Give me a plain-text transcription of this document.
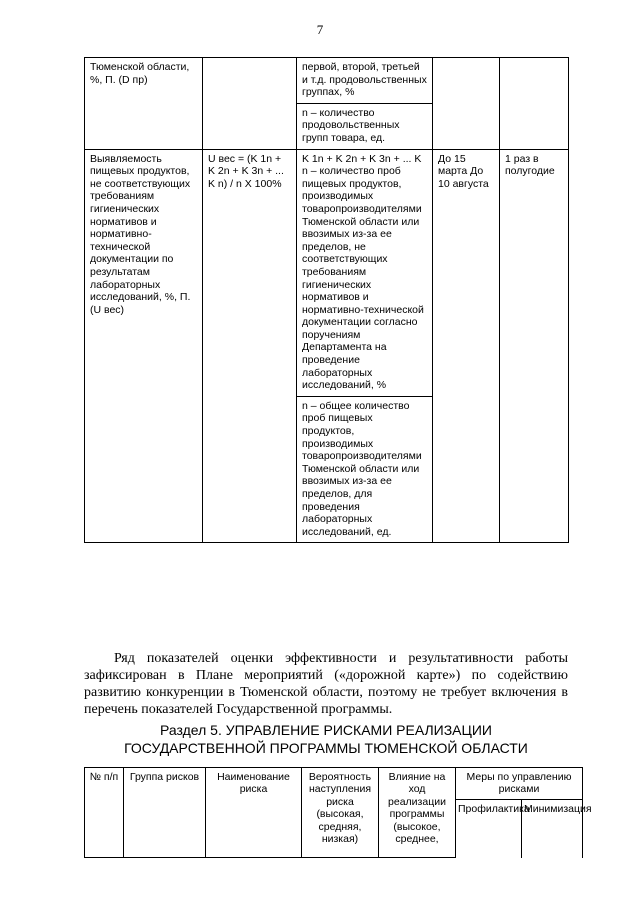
7
Тюменской области, %, П. (D пр)		первой, второй, третьей и т.д. продовольственных группах, %		
		n – количество продовольственных групп товара, ед.		
Выявляемость пищевых продуктов, не соответствующих требованиям гигиенических нормативов и нормативно-технической документации по результатам лабораторных исследований, %, П. (U вес)	U вес = (K 1n + K 2n + K 3n + ... K n) / n X 100%	K 1n + K 2n + K 3n + ... K n – количество проб пищевых продуктов, производимых товаропроизводителями Тюменской области или ввозимых из-за ее пределов, не соответствующих требованиям гигиенических нормативов и нормативно-технической документации согласно поручениям Департамента на проведение лабораторных исследований, %	До 15 марта До 10 августа	1 раз в полугодие
		n – общее количество проб пищевых продуктов, производимых товаропроизводителями Тюменской области или ввозимых из-за ее пределов, для проведения лабораторных исследований, ед.		

Ряд показателей оценки эффективности и результативности работы зафиксирован в Плане мероприятий («дорожной карте») по содействию развитию конкуренции в Тюменской области, поэтому не требует включения в перечень показателей Государственной программы.

Раздел 5. УПРАВЛЕНИЕ РИСКАМИ РЕАЛИЗАЦИИ
ГОСУДАРСТВЕННОЙ ПРОГРАММЫ ТЮМЕНСКОЙ ОБЛАСТИ
№ п/п	Группа рисков	Наименование риска	Вероятность наступления риска (высокая, средняя, низкая)	Влияние на ход реализации программы (высокое, среднее,	Меры по управлению рисками	
					Профилактика	Минимизация
